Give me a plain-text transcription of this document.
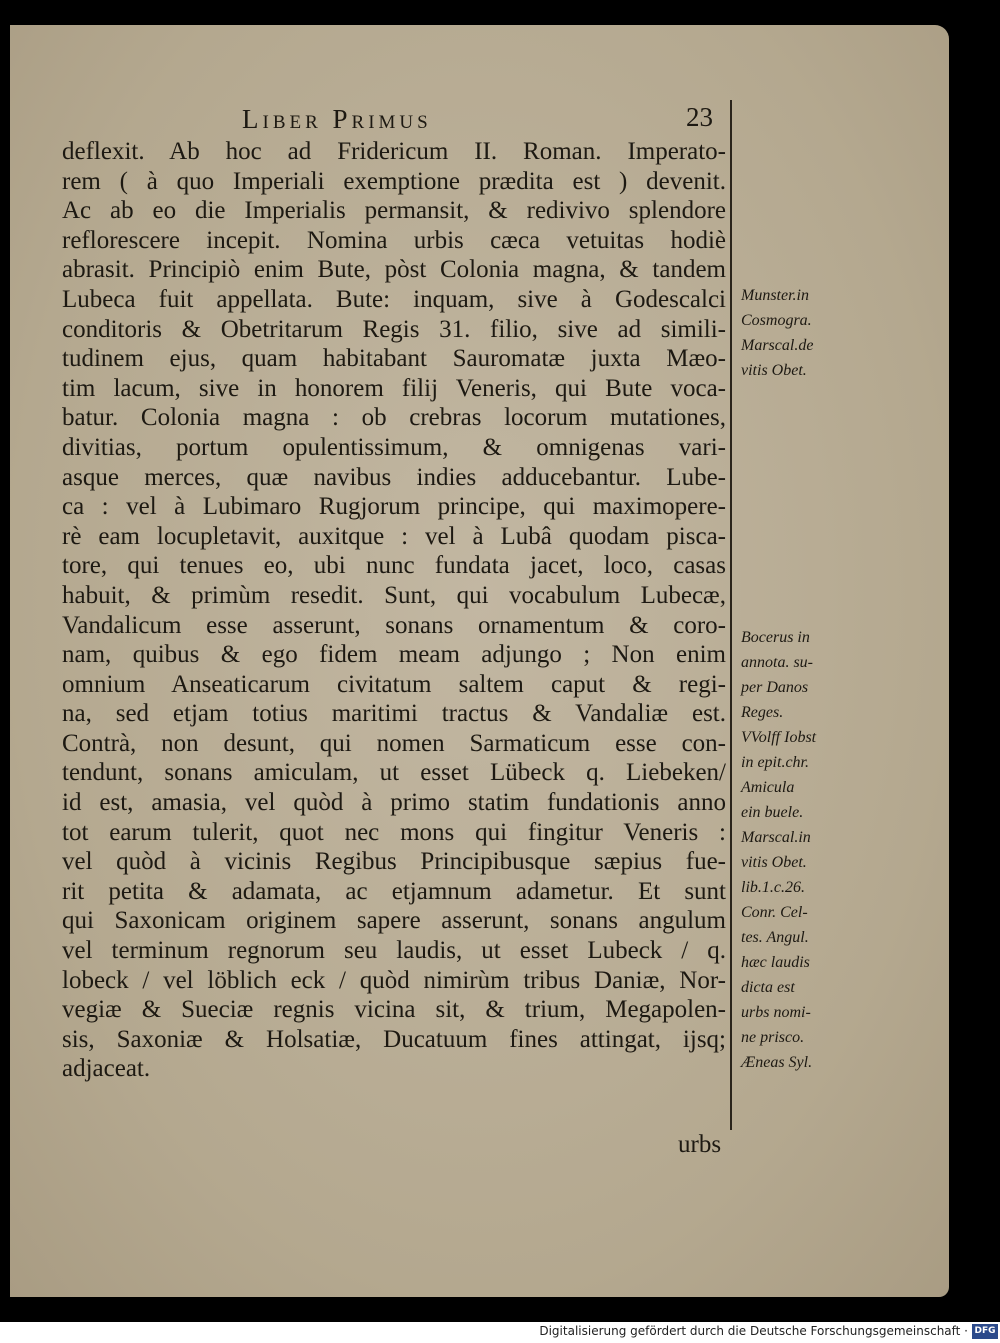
Liber Primus	23
deflexit. Ab hoc ad Fridericum II. Roman. Imperato-
rem ( à quo Imperiali exemptione prædita est ) devenit.
Ac ab eo die Imperialis permansit, & redivivo splendore
reflorescere incepit. Nomina urbis cæca vetuitas hodiè
abrasit. Principiò enim Bute, pòst Colonia magna, & tandem
Lubeca fuit appellata. Bute: inquam, sive à Godescalci
conditoris & Obetritarum Regis 31. filio, sive ad simili-
tudinem ejus, quam habitabant Sauromatæ juxta Mæo-
tim lacum, sive in honorem filij Veneris, qui Bute voca-
batur. Colonia magna : ob crebras locorum mutationes,
divitias, portum opulentissimum, & omnigenas vari-
asque merces, quæ navibus indies adducebantur. Lube-
ca : vel à Lubimaro Rugjorum principe, qui maximopere-
rè eam locupletavit, auxitque : vel à Lubâ quodam pisca-
tore, qui tenues eo, ubi nunc fundata jacet, loco, casas
habuit, & primùm resedit. Sunt, qui vocabulum Lubecæ,
Vandalicum esse asserunt, sonans ornamentum & coro-
nam, quibus & ego fidem meam adjungo ; Non enim
omnium Anseaticarum civitatum saltem caput & regi-
na, sed etjam totius maritimi tractus & Vandaliæ est.
Contrà, non desunt, qui nomen Sarmaticum esse con-
tendunt, sonans amiculam, ut esset Lübeck q. Liebeken/
id est, amasia, vel quòd à primo statim fundationis anno
tot earum tulerit, quot nec mons qui fingitur Veneris :
vel quòd à vicinis Regibus Principibusque sæpius fue-
rit petita & adamata, ac etjamnum adametur. Et sunt
qui Saxonicam originem sapere asserunt, sonans angulum
vel terminum regnorum seu laudis, ut esset Lubeck / q.
lobeck / vel löblich eck / quòd nimirùm tribus Daniæ, Nor-
vegiæ & Sueciæ regnis vicina sit, & trium, Megapolen-
sis, Saxoniæ & Holsatiæ, Ducatuum fines attingat, ijsq;
adjaceat.
urbs
Munster.in
Cosmogra.
Marscal.de
vitis Obet.
Bocerus in
annota. su-
per Danos
Reges.
VVolff Iobst
in epit.chr.
Amicula
ein buele.
Marscal.in
vitis Obet.
lib.1.c.26.
Conr. Cel-
tes. Angul.
hæc laudis
dicta est
urbs nomi-
ne prisco.
Æneas Syl.
Digitalisierung gefördert durch die Deutsche Forschungsgemeinschaft · DFG
